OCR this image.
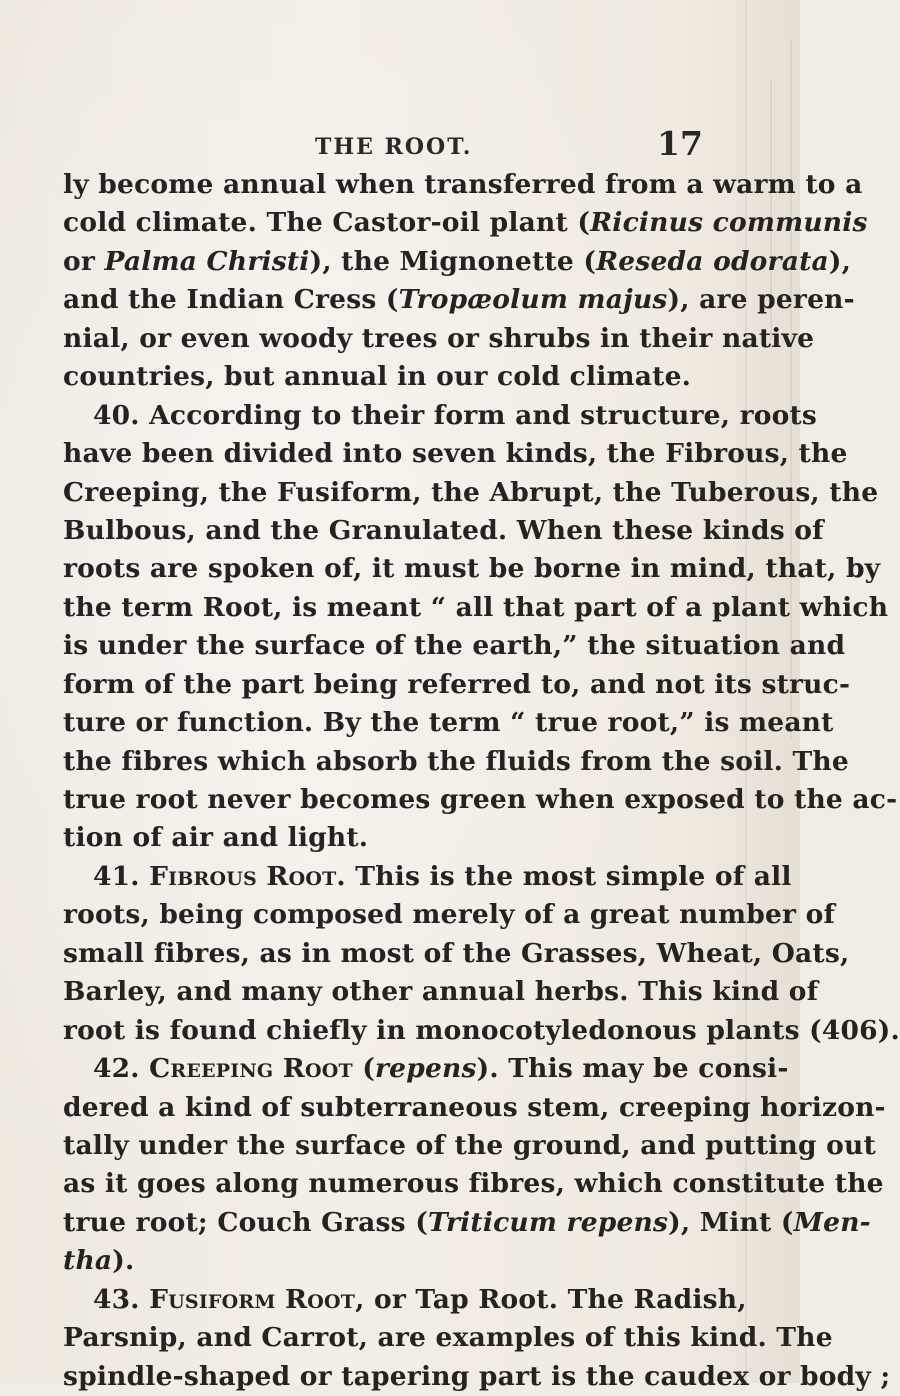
THE ROOT.	17
ly become annual when transferred from a warm to a
cold climate. The Castor-oil plant (Ricinus communis
or Palma Christi), the Mignonette (Reseda odorata),
and the Indian Cress (Tropæolum majus), are peren-
nial, or even woody trees or shrubs in their native
countries, but annual in our cold climate.
40. According to their form and structure, roots
have been divided into seven kinds, the Fibrous, the
Creeping, the Fusiform, the Abrupt, the Tuberous, the
Bulbous, and the Granulated. When these kinds of
roots are spoken of, it must be borne in mind, that, by
the term Root, is meant “ all that part of a plant which
is under the surface of the earth,” the situation and
form of the part being referred to, and not its struc-
ture or function. By the term “ true root,” is meant
the fibres which absorb the fluids from the soil. The
true root never becomes green when exposed to the ac-
tion of air and light.
41. Fibrous Root. This is the most simple of all
roots, being composed merely of a great number of
small fibres, as in most of the Grasses, Wheat, Oats,
Barley, and many other annual herbs. This kind of
root is found chiefly in monocotyledonous plants (406).
42. Creeping Root (repens). This may be consi-
dered a kind of subterraneous stem, creeping horizon-
tally under the surface of the ground, and putting out
as it goes along numerous fibres, which constitute the
true root; Couch Grass (Triticum repens), Mint (Men-
tha).
43. Fusiform Root, or Tap Root. The Radish,
Parsnip, and Carrot, are examples of this kind. The
spindle-shaped or tapering part is the caudex or body ;
